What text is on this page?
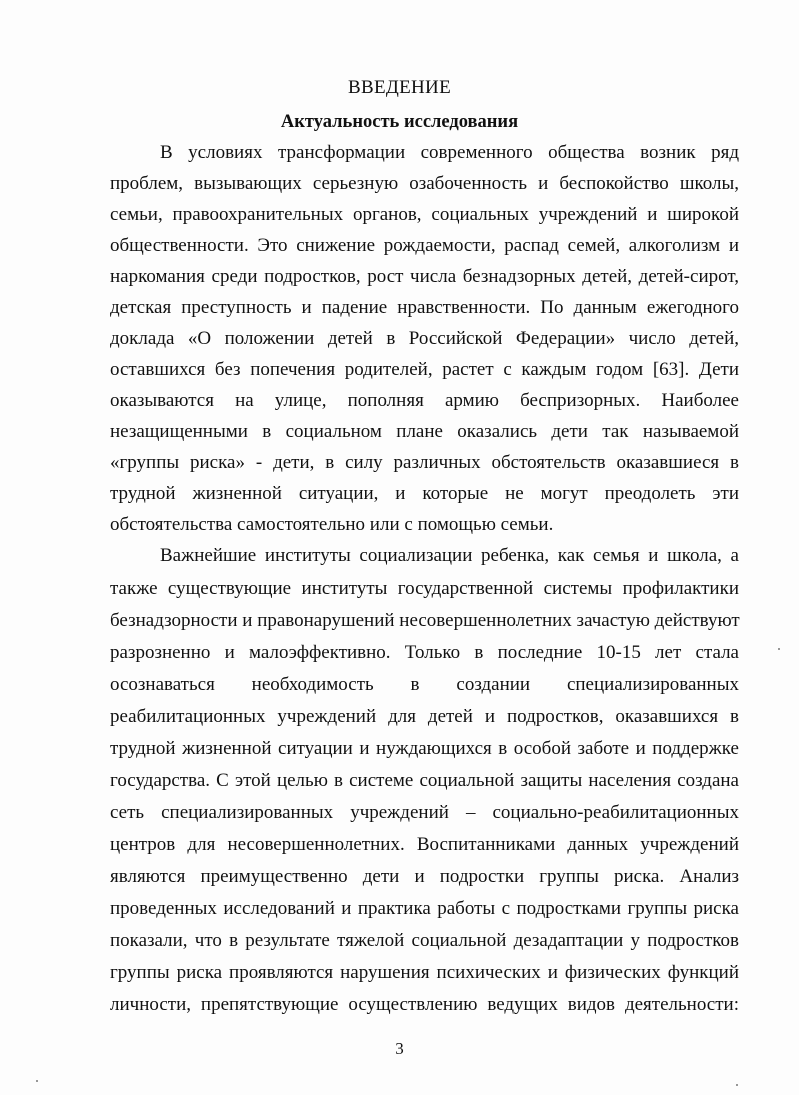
ВВЕДЕНИЕ
Актуальность исследования
В условиях трансформации современного общества возник ряд
проблем, вызывающих серьезную озабоченность и беспокойство школы,
семьи, правоохранительных органов, социальных учреждений и широкой
общественности. Это снижение рождаемости, распад семей, алкоголизм и
наркомания среди подростков, рост числа безнадзорных детей, детей-сирот,
детская преступность и падение нравственности. По данным ежегодного
доклада «О положении детей в Российской Федерации» число детей,
оставшихся без попечения родителей, растет с каждым годом [63]. Дети
оказываются на улице, пополняя армию беспризорных. Наиболее
незащищенными в социальном плане оказались дети так называемой
«группы риска» - дети, в силу различных обстоятельств оказавшиеся в
трудной жизненной ситуации, и которые не могут преодолеть эти
обстоятельства самостоятельно или с помощью семьи.
Важнейшие институты социализации ребенка, как семья и школа, а
также существующие институты государственной системы профилактики
безнадзорности и правонарушений несовершеннолетних зачастую действуют
разрозненно и малоэффективно. Только в последние 10-15 лет стала
осознаваться необходимость в создании специализированных
реабилитационных учреждений для детей и подростков, оказавшихся в
трудной жизненной ситуации и нуждающихся в особой заботе и поддержке
государства. С этой целью в системе социальной защиты населения создана
сеть специализированных учреждений – социально-реабилитационных
центров для несовершеннолетних. Воспитанниками данных учреждений
являются преимущественно дети и подростки группы риска. Анализ
проведенных исследований и практика работы с подростками группы риска
показали, что в результате тяжелой социальной дезадаптации у подростков
группы риска проявляются нарушения психических и физических функций
личности, препятствующие осуществлению ведущих видов деятельности:
3
